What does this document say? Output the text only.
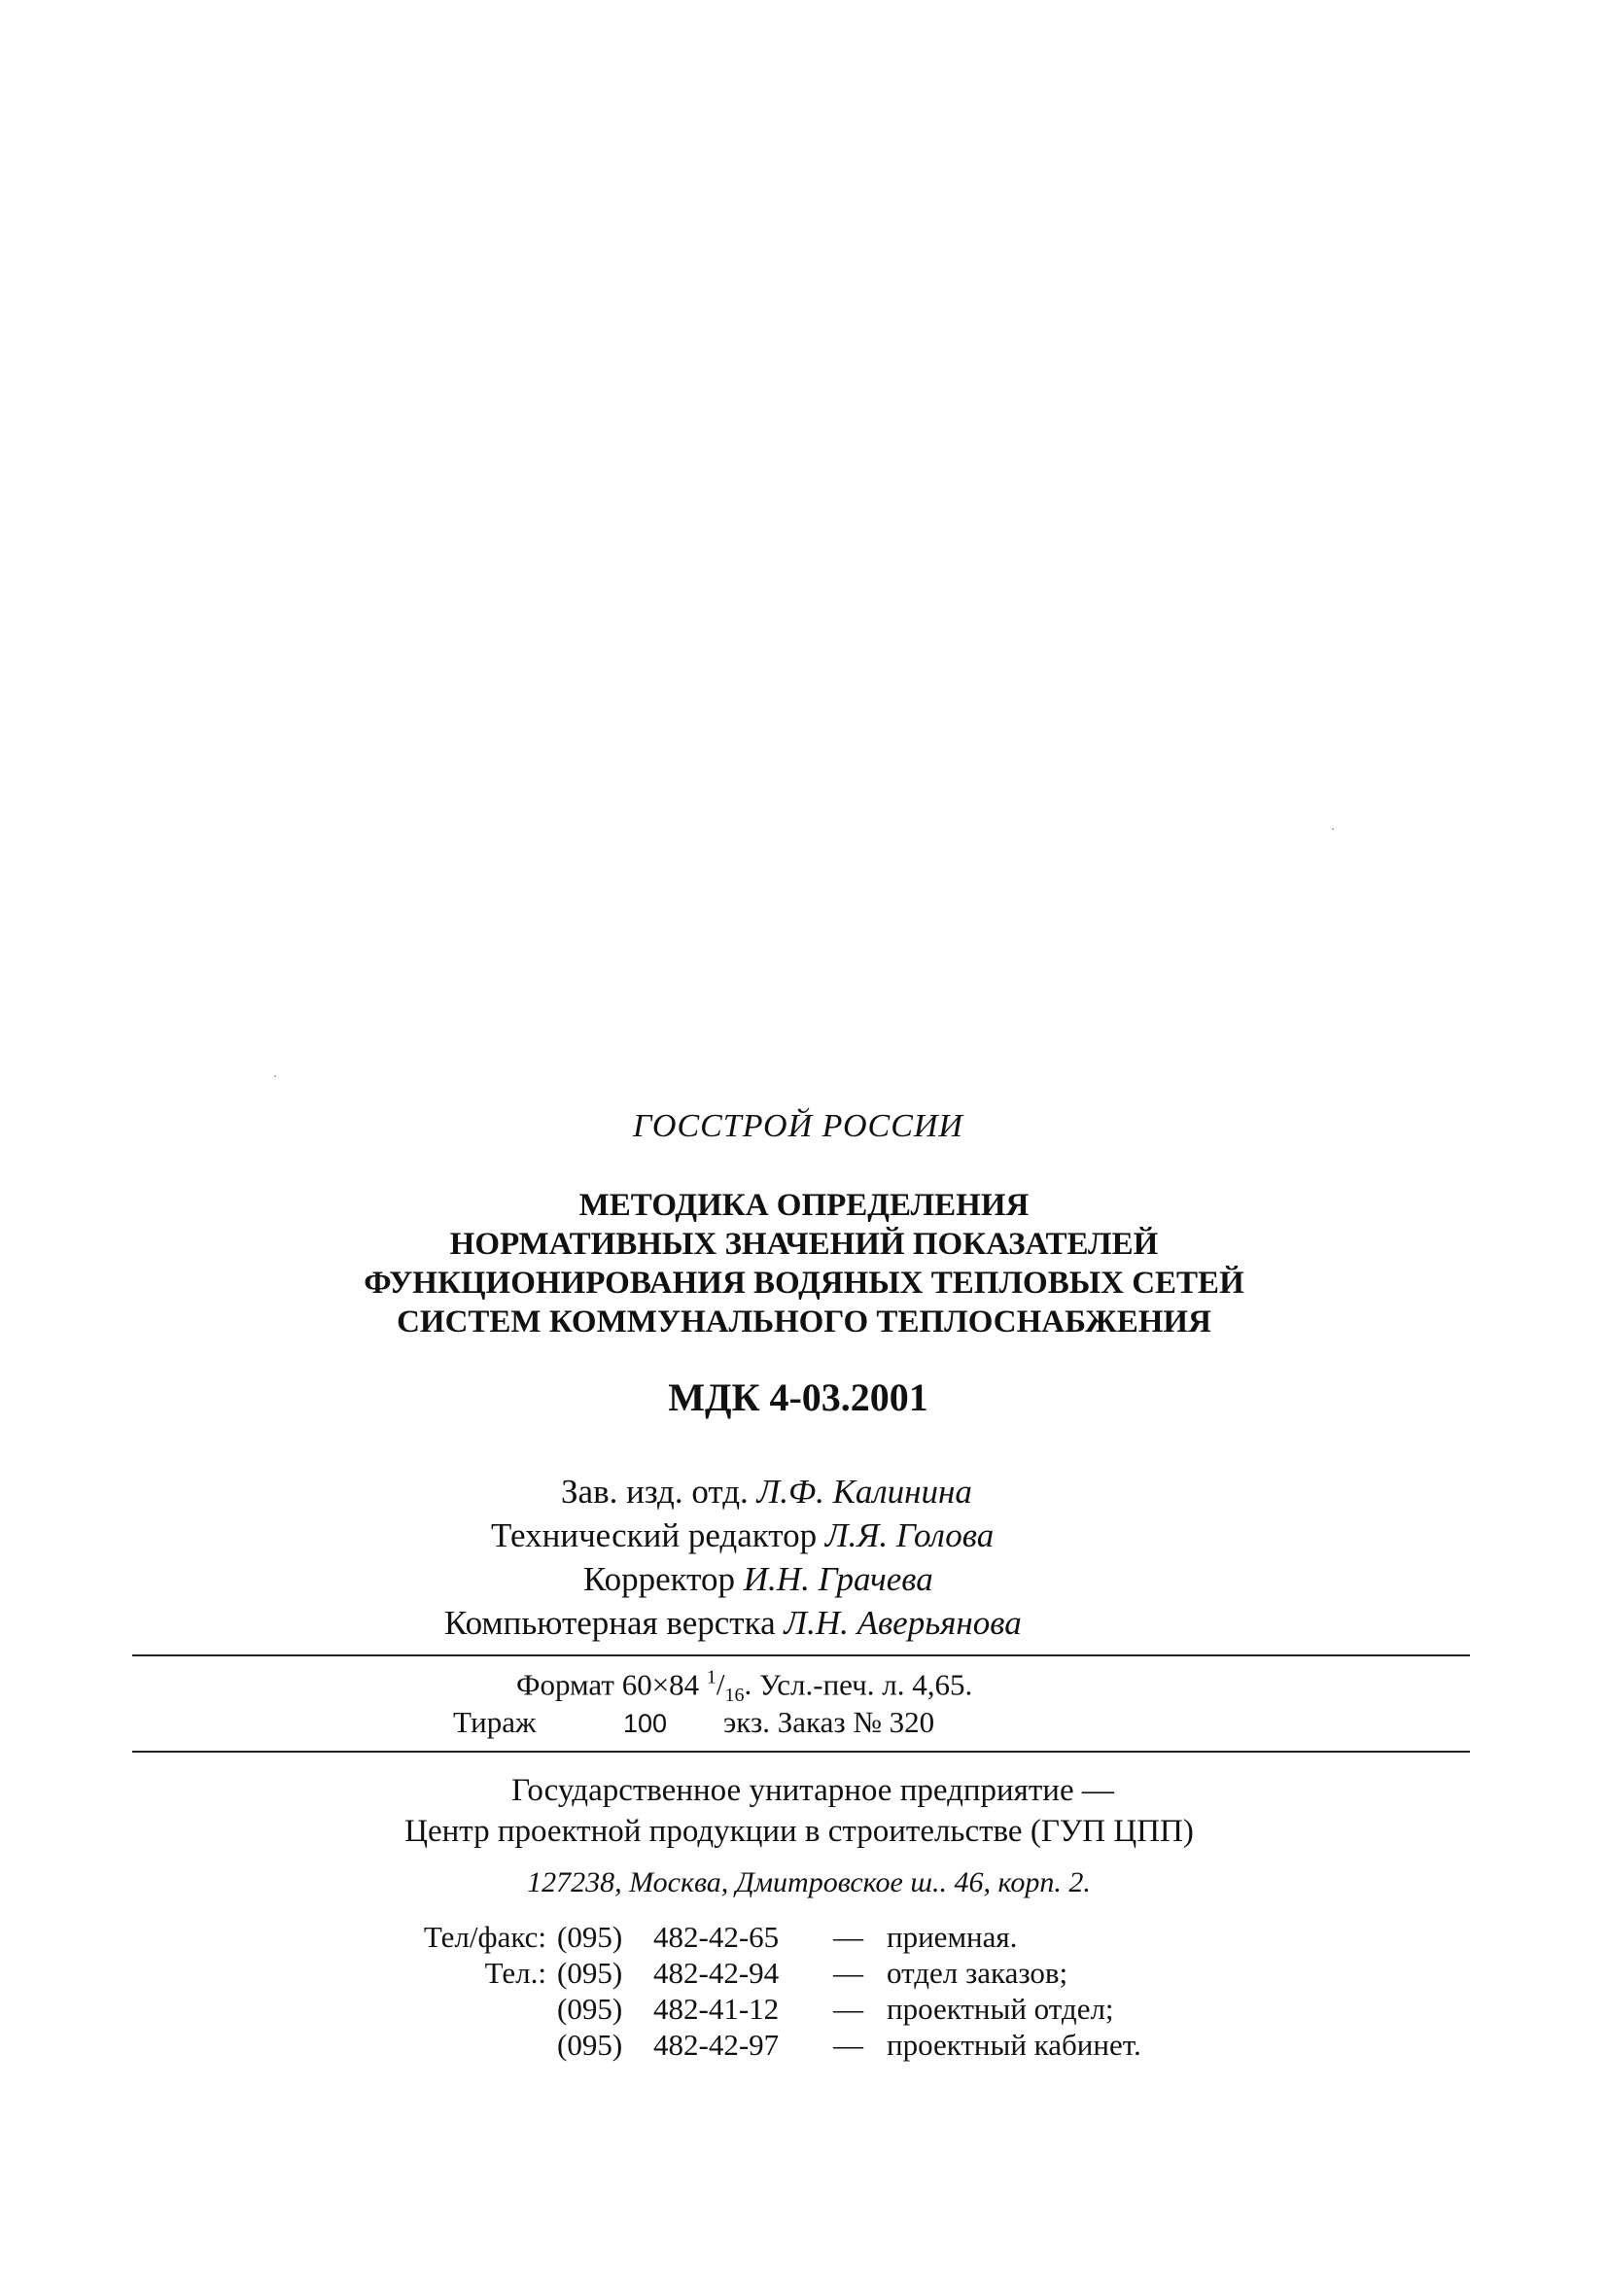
ГОССТРОЙ РОССИИ
МЕТОДИКА ОПРЕДЕЛЕНИЯ
НОРМАТИВНЫХ ЗНАЧЕНИЙ ПОКАЗАТЕЛЕЙ
ФУНКЦИОНИРОВАНИЯ ВОДЯНЫХ ТЕПЛОВЫХ СЕТЕЙ
СИСТЕМ КОММУНАЛЬНОГО ТЕПЛОСНАБЖЕНИЯ
МДК 4-03.2001
Зав. изд. отд. Л.Ф. Калинина
Технический редактор Л.Я. Голова
Корректор И.Н. Грачева
Компьютерная верстка Л.Н. Аверьянова
Формат 60×84 $^1/_{16}$. Усл.-печ. л. 4,65.
Тираж	100 экз. Заказ № 320
Государственное унитарное предприятие —
Центр проектной продукции в строительстве (ГУП ЦПП)
127238, Москва, Дмитровское ш.. 46, корп. 2.
Тел/факс: (095) 482-42-65 — приемная.
Тел.: (095) 482-42-94 — отдел заказов;
(095) 482-41-12 — проектный отдел;
(095) 482-42-97 — проектный кабинет.
